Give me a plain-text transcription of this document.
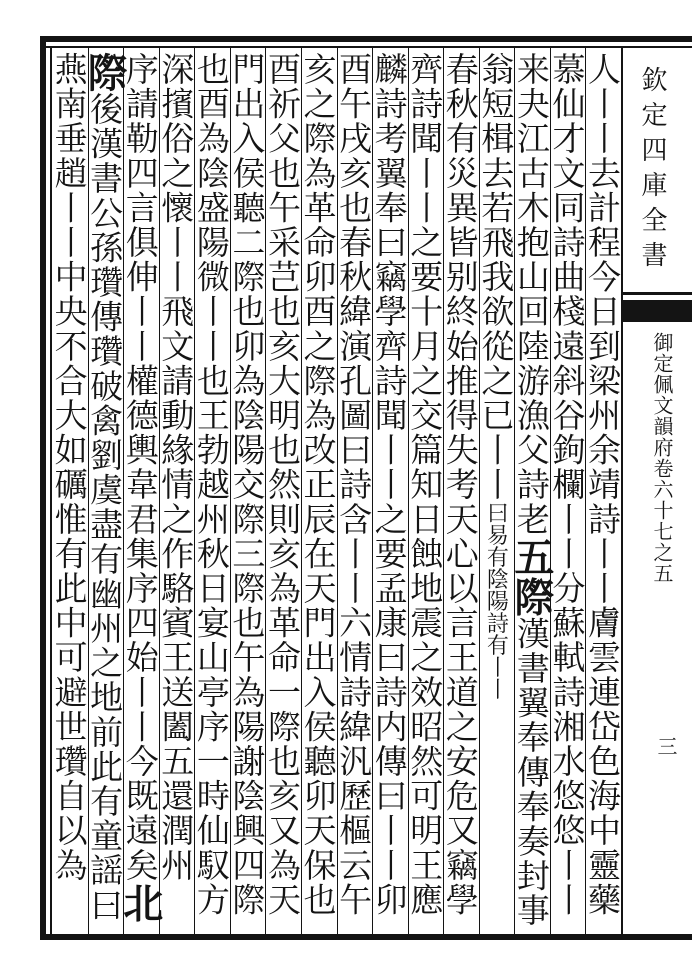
欽定四庫全書
御定佩文韻府卷六十七之五
三
人丨丨去計程今日到梁州余靖詩丨丨膚雲連岱色海中靈藥
慕仙才文同詩曲棧遠斜谷鉤欄丨丨分蘇軾詩湘水悠悠丨丨
来夬江古木抱山回陸游漁父詩老五際漢書翼奉傳奉奏封事
翁短楫去若飛我欲從之已丨丨曰易有陰陽詩有丨丨
春秋有災異皆别終始推得失考天心以言王道之安危又竊學
齊詩聞丨丨之要十月之交篇知日蝕地震之效昭然可明王應
麟詩考翼奉曰竊學齊詩聞丨丨之要孟康曰詩内傳曰丨丨卯
酉午戌亥也春秋緯演孔圖曰詩含丨丨六情詩緯汎歷樞云午
亥之際為革命卯酉之際為改正辰在天門出入侯聽卯天保也
酉祈父也午采芑也亥大明也然則亥為革命一際也亥又為天
門出入侯聽二際也卯為陰陽交際三際也午為陽謝陰興四際
也酉為陰盛陽微丨丨也王勃越州秋日宴山亭序一時仙馭方
深擯俗之懷丨丨飛文請動緣情之作駱賓王送闔五還潤州
序請勒四言俱伸丨丨權德輿韋君集序四始丨丨今既遠矣北
際後漢書公孫瓚傳瓚破禽劉虞盡有幽州之地前此有童謡曰
燕南垂趙丨丨中央不合大如礪惟有此中可避世瓚自以為
